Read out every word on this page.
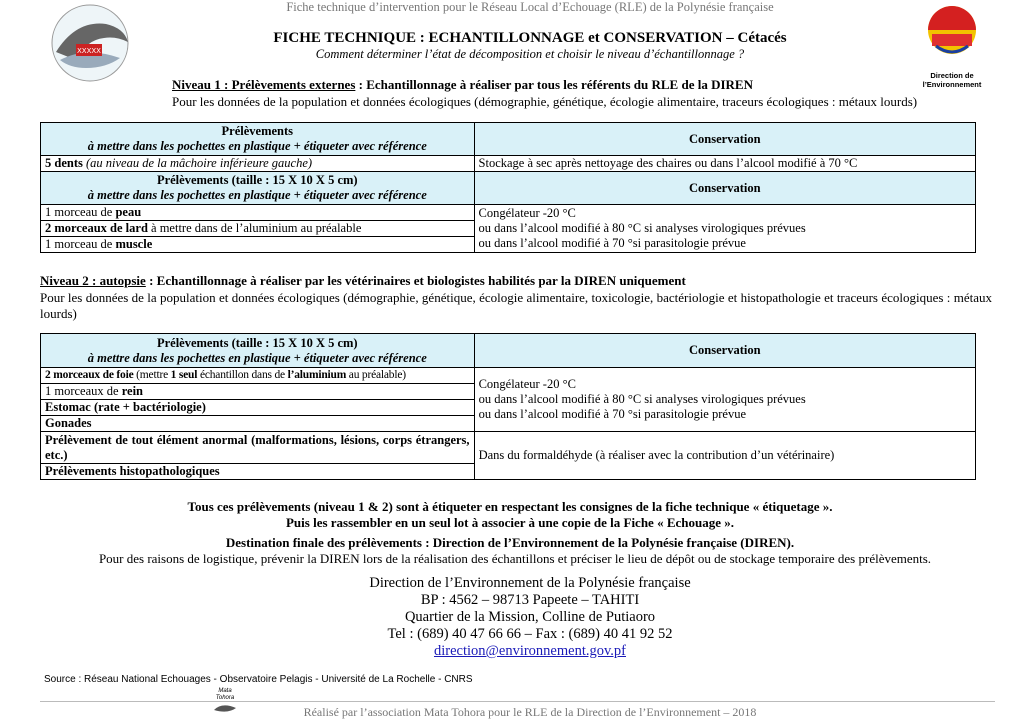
XXXXX
Direction de l’Environnement
Fiche technique d’intervention pour le Réseau Local d’Echouage (RLE) de la Polynésie française
FICHE TECHNIQUE : ECHANTILLONNAGE et CONSERVATION – Cétacés
Comment déterminer l’état de décomposition et choisir le niveau d’échantillonnage ?
Niveau 1 : Prélèvements externes : Echantillonnage à réaliser par tous les référents du RLE de la DIREN
Pour les données de la population et données écologiques (démographie, génétique, écologie alimentaire, traceurs écologiques : métaux lourds)
Prélèvements
à mettre dans les pochettes en plastique + étiqueter avec référence	Conservation
5 dents (au niveau de la mâchoire inférieure gauche)	Stockage à sec après nettoyage des chaires ou dans l’alcool modifié à 70 °C

Prélèvements (taille : 15 X 10 X 5 cm)
à mettre dans les pochettes en plastique + étiqueter avec référence	Conservation
1 morceau de peau	Congélateur -20 °C
ou dans l’alcool modifié à 80 °C si analyses virologiques prévues
ou dans l’alcool modifié à 70 °si parasitologie prévue

2 morceaux de lard à mettre dans de l’aluminium au préalable	
1 morceau de muscle	
Niveau 2 : autopsie : Echantillonnage à réaliser par les vétérinaires et biologistes habilités par la DIREN uniquement
Pour les données de la population et données écologiques (démographie, génétique, écologie alimentaire, toxicologie, bactériologie et histopathologie et traceurs écologiques : métaux lourds)
Prélèvements (taille : 15 X 10 X 5 cm)
à mettre dans les pochettes en plastique + étiqueter avec référence	Conservation
2 morceaux de foie (mettre 1 seul échantillon dans de l’aluminium au préalable)	Congélateur -20 °C
ou dans l’alcool modifié à 80 °C si analyses virologiques prévues
ou dans l’alcool modifié à 70 °si parasitologie prévue

1 morceaux de rein	
Estomac (rate + bactériologie)	
Gonades	
Prélèvement de tout élément anormal (malformations, lésions, corps étrangers, etc.)	Dans du formaldéhyde (à réaliser avec la contribution d’un vétérinaire)
Prélèvements histopathologiques	
Tous ces prélèvements (niveau 1 & 2) sont à étiqueter en respectant les consignes de la fiche technique « étiquetage ».
Puis les rassembler en un seul lot à associer à une copie de la Fiche « Echouage ».
Destination finale des prélèvements : Direction de l’Environnement de la Polynésie française (DIREN).
Pour des raisons de logistique, prévenir la DIREN lors de la réalisation des échantillons et préciser le lieu de dépôt ou de stockage temporaire des prélèvements.
Direction de l’Environnement de la Polynésie française
BP : 4562 – 98713 Papeete – TAHITI
Quartier de la Mission, Colline de Putiaoro
Tel : (689) 40 47 66 66 – Fax : (689) 40 41 92 52
direction@environnement.gov.pf
Source : Réseau National Echouages - Observatoire Pelagis - Université de La Rochelle - CNRS
Mata Tohora
Réalisé par l’association Mata Tohora pour le RLE de la Direction de l’Environnement – 2018
